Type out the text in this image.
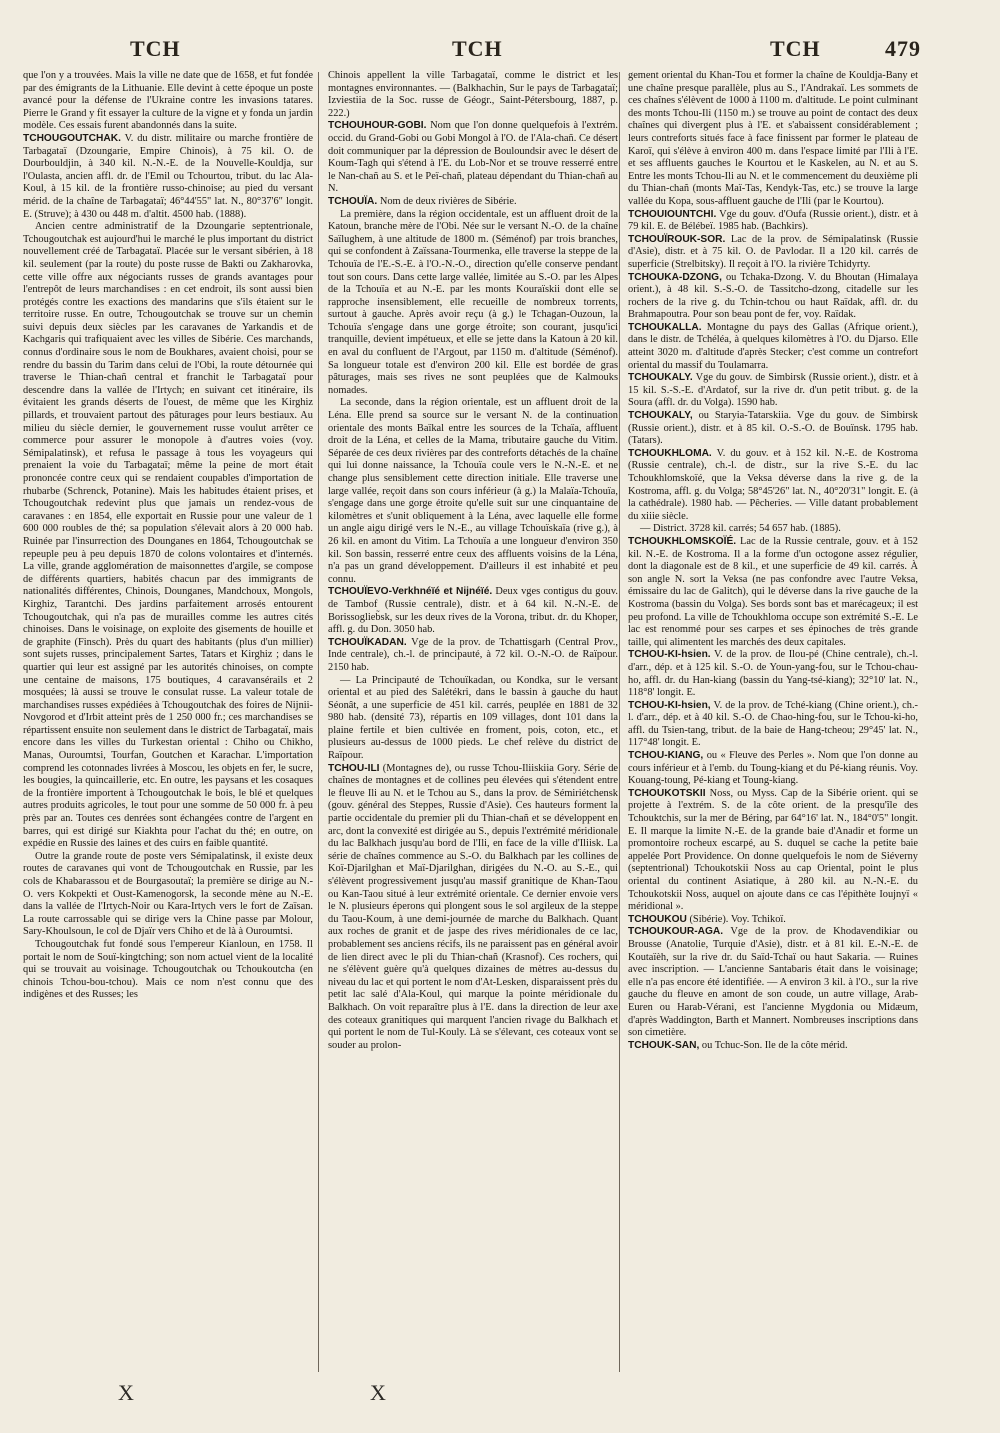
TCH	TCH	TCH	479

que l'on y a trouvées. Mais la ville ne date que de 1658, et fut fondée par des émigrants de la Lithuanie. Elle devint à cette époque un poste avancé pour la défense de l'Ukraine contre les invasions tatares. Pierre le Grand y fit essayer la culture de la vigne et y fonda un jardin modèle. Ces essais furent abandonnés dans la suite.

TCHOUGOUTCHAK. V. du distr. militaire ou marche frontière de Tarbagataï (Dzoungarie, Empire Chinois), à 75 kil. O. de Dourbouldjin, à 340 kil. N.-N.-E. de la Nouvelle-Kouldja, sur l'Oulasta, ancien affl. dr. de l'Emil ou Tchourtou, tribut. du lac Ala-Koul, à 15 kil. de la frontière russo-chinoise; au pied du versant mérid. de la chaîne de Tarbagataï; 46°44'55" lat. N., 80°37'6" longit. E. (Struve); à 430 ou 448 m. d'altit. 4500 hab. (1888).

Ancien centre administratif de la Dzoungarie septentrionale, Tchougoutchak est aujourd'hui le marché le plus important du district nouvellement créé de Tarbagataï. Placée sur le versant sibérien, à 18 kil. seulement (par la route) du poste russe de Bakti ou Zakharovka, cette ville offre aux négociants russes de grands avantages pour l'entrepôt de leurs marchandises : en cet endroit, ils sont aussi bien protégés contre les exactions des mandarins que s'ils étaient sur le territoire russe. En outre, Tchougoutchak se trouve sur un chemin suivi depuis deux siècles par les caravanes de Yarkandis et de Kachgaris qui trafiquaient avec les villes de Sibérie. Ces marchands, connus d'ordinaire sous le nom de Boukhares, avaient choisi, pour se rendre du bassin du Tarim dans celui de l'Obi, la route détournée qui traverse le Thian-chañ central et franchit le Tarbagataï pour descendre dans la vallée de l'Irtych; en suivant cet itinéraire, ils évitaient les grands déserts de l'ouest, de même que les Kirghiz pillards, et trouvaient partout des pâturages pour leurs bestiaux. Au milieu du siècle dernier, le gouvernement russe voulut arrêter ce commerce pour assurer le monopole à d'autres voies (voy. Sémipalatinsk), et refusa le passage à tous les voyageurs qui prenaient la voie du Tarbagataï; même la peine de mort était prononcée contre ceux qui se rendaient coupables d'importation de rhubarbe (Schrenck, Potanine). Mais les habitudes étaient prises, et Tchougoutchak redevint plus que jamais un rendez-vous de caravanes : en 1854, elle exportait en Russie pour une valeur de 1 600 000 roubles de thé; sa population s'élevait alors à 20 000 hab. Ruinée par l'insurrection des Dounganes en 1864, Tchougoutchak se repeuple peu à peu depuis 1870 de colons volontaires et d'internés. La ville, grande agglomération de maisonnettes d'argile, se compose de différents quartiers, habités chacun par des immigrants de nationalités différentes, Chinois, Dounganes, Mandchoux, Mongols, Kirghiz, Tarantchi. Des jardins parfaitement arrosés entourent Tchougoutchak, qui n'a pas de murailles comme les autres cités chinoises. Dans le voisinage, on exploite des gisements de houille et de graphite (Finsch). Près du quart des habitants (plus d'un millier) sont sujets russes, principalement Sartes, Tatars et Kirghiz ; dans le quartier qui leur est assigné par les autorités chinoises, on compte une centaine de maisons, 175 boutiques, 4 caravansérails et 2 mosquées; là aussi se trouve le consulat russe. La valeur totale de marchandises russes expédiées à Tchougoutchak des foires de Nijnii-Novgorod et d'Irbit atteint près de 1 250 000 fr.; ces marchandises se répartissent ensuite non seulement dans le district de Tarbagataï, mais encore dans les villes du Turkestan oriental : Chiho ou Chikho, Manas, Ouroumtsi, Tourfan, Goutchen et Karachar. L'importation comprend les cotonnades livrées à Moscou, les objets en fer, le sucre, les bougies, la quincaillerie, etc. En outre, les paysans et les cosaques de la frontière importent à Tchougoutchak le bois, le blé et quelques autres produits agricoles, le tout pour une somme de 50 000 fr. à peu près par an. Toutes ces denrées sont échangées contre de l'argent en barres, qui est dirigé sur Kiakhta pour l'achat du thé; en outre, on expédie en Russie des laines et des cuirs en faible quantité.

Outre la grande route de poste vers Sémipalatinsk, il existe deux routes de caravanes qui vont de Tchougoutchak en Russie, par les cols de Khabarassou et de Bourgasoutaï; la première se dirige au N.-O. vers Kokpekti et Oust-Kamenogorsk, la seconde mène au N.-E. dans la vallée de l'Irtych-Noir ou Kara-Irtych vers le fort de Zaïsan. La route carrossable qui se dirige vers la Chine passe par Molour, Sary-Khoulsoun, le col de Djaïr vers Chiho et de là à Ouroumtsi.

Tchougoutchak fut fondé sous l'empereur Kianloun, en 1758. Il portait le nom de Souï-kingtching; son nom actuel vient de la localité qui se trouvait au voisinage. Tchougoutchak ou Tchoukoutcha (en chinois Tchou-bou-tchou). Mais ce nom n'est connu que des indigènes et des Russes; les

Chinois appellent la ville Tarbagataï, comme le district et les montagnes environnantes. — (Balkhachin, Sur le pays de Tarbagataï; Izviestiia de la Soc. russe de Géogr., Saint-Pétersbourg, 1887, p. 222.)

TCHOUHOUR-GOBI. Nom que l'on donne quelquefois à l'extrém. occid. du Grand-Gobi ou Gobi Mongol à l'O. de l'Ala-chañ. Ce désert doit communiquer par la dépression de Bouloundsir avec le désert de Koum-Tagh qui s'étend à l'E. du Lob-Nor et se trouve resserré entre le Nan-chañ au S. et le Peï-chañ, plateau dépendant du Thian-chañ au N.

TCHOUÏA. Nom de deux rivières de Sibérie.

La première, dans la région occidentale, est un affluent droit de la Katoun, branche mère de l'Obi. Née sur le versant N.-O. de la chaîne Saïlughem, à une altitude de 1800 m. (Séménof) par trois branches, qui se confondent à Zaïssana-Tourmenka, elle traverse la steppe de la Tchouïa de l'E.-S.-E. à l'O.-N.-O., direction qu'elle conserve pendant tout son cours. Dans cette large vallée, limitée au S.-O. par les Alpes de la Tchouïa et au N.-E. par les monts Kouraïskii dont elle se rapproche insensiblement, elle recueille de nombreux torrents, surtout à gauche. Après avoir reçu (à g.) le Tchagan-Ouzoun, la Tchouïa s'engage dans une gorge étroite; son courant, jusqu'ici tranquille, devient impétueux, et elle se jette dans la Katoun à 20 kil. en aval du confluent de l'Argout, par 1150 m. d'altitude (Séménof). Sa longueur totale est d'environ 200 kil. Elle est bordée de gras pâturages, mais ses rives ne sont peuplées que de Kalmouks nomades.

La seconde, dans la région orientale, est un affluent droit de la Léna. Elle prend sa source sur le versant N. de la continuation orientale des monts Baïkal entre les sources de la Tchaïa, affluent droit de la Léna, et celles de la Mama, tributaire gauche du Vitim. Séparée de ces deux rivières par des contreforts détachés de la chaîne qui lui donne naissance, la Tchouïa coule vers le N.-N.-E. et ne change plus sensiblement cette direction initiale. Elle traverse une large vallée, reçoit dans son cours inférieur (à g.) la Malaïa-Tchouïa, s'engage dans une gorge étroite qu'elle suit sur une cinquantaine de kilomètres et s'unit obliquement à la Léna, avec laquelle elle forme un angle aigu dirigé vers le N.-E., au village Tchouïskaïa (rive g.), à 26 kil. en amont du Vitim. La Tchouïa a une longueur d'environ 350 kil. Son bassin, resserré entre ceux des affluents voisins de la Léna, n'a pas un grand développement. D'ailleurs il est inhabité et peu connu.

TCHOUÏEVO-Verkhnéïé et Nijnéïé. Deux vges contigus du gouv. de Tambof (Russie centrale), distr. et à 64 kil. N.-N.-E. de Borissoglieb̃sk, sur les deux rives de la Vorona, tribut. dr. du Khoper, affl. g. du Don. 3050 hab.

TCHOUÏKADAN. Vge de la prov. de Tchattisgarh (Central Prov., Inde centrale), ch.-l. de principauté, à 72 kil. O.-N.-O. de Raïpour. 2150 hab.

— La Principauté de Tchouïkadan, ou Kondka, sur le versant oriental et au pied des Salétékri, dans le bassin à gauche du haut Séonât, a une superficie de 451 kil. carrés, peuplée en 1881 de 32 980 hab. (densité 73), répartis en 109 villages, dont 101 dans la plaine fertile et bien cultivée en froment, pois, coton, etc., et plusieurs au-dessus de 1000 pieds. Le chef relève du district de Raïpour.

TCHOU-ILI (Montagnes de), ou russe Tchou-Iliiskiia Gory. Série de chaînes de montagnes et de collines peu élevées qui s'étendent entre le fleuve Ili au N. et le Tchou au S., dans la prov. de Sémiriétchensk (gouv. général des Steppes, Russie d'Asie). Ces hauteurs forment la partie occidentale du premier pli du Thian-chañ et se développent en arc, dont la convexité est dirigée au S., depuis l'extrémité méridionale du lac Balkhach jusqu'au bord de l'Ili, en face de la ville d'Iliisk. La série de chaînes commence au S.-O. du Balkhach par les collines de Koï-Djarilghan et Maï-Djarilghan, dirigées du N.-O. au S.-E., qui s'élèvent progressivement jusqu'au massif granitique de Khan-Taou ou Kan-Taou situé à leur extrémité orientale. Ce dernier envoie vers le N. plusieurs éperons qui plongent sous le sol argileux de la steppe du Taou-Koum, à une demi-journée de marche du Balkhach. Quant aux roches de granit et de jaspe des rives méridionales de ce lac, probablement ses anciens récifs, ils ne paraissent pas en général avoir de lien direct avec le pli du Thian-chañ (Krasnof). Ces rochers, qui ne s'élèvent guère qu'à quelques dizaines de mètres au-dessus du niveau du lac et qui portent le nom d'At-Lesken, disparaissent près du petit lac salé d'Ala-Koul, qui marque la pointe méridionale du Balkhach. On voit reparaître plus à l'E. dans la direction de leur axe des coteaux granitiques qui marquent l'ancien rivage du Balkhach et qui portent le nom de Tul-Kouly. Là se s'élevant, ces coteaux vont se souder au prolon-

gement oriental du Khan-Tou et former la chaîne de Kouldja-Bany et une chaîne presque parallèle, plus au S., l'Andrakaï. Les sommets de ces chaînes s'élèvent de 1000 à 1100 m. d'altitude. Le point culminant des monts Tchou-Ili (1150 m.) se trouve au point de contact des deux chaînes qui divergent plus à l'E. et s'abaissent considérablement ; leurs contreforts situés face à face finissent par former le plateau de Karoï, qui s'élève à environ 400 m. dans l'espace limité par l'Ili à l'E. et ses affluents gauches le Kourtou et le Kaskelen, au N. et au S. Entre les monts Tchou-Ili au N. et le commencement du deuxième pli du Thian-chañ (monts Maï-Tas, Kendyk-Tas, etc.) se trouve la large vallée du Kopa, sous-affluent gauche de l'Ili (par le Kourtou).

TCHOUIOUNTCHI. Vge du gouv. d'Oufa (Russie orient.), distr. et à 79 kil. E. de Bélébeï. 1985 hab. (Bachkirs).

TCHOUÏROUK-SOR. Lac de la prov. de Sémipalatinsk (Russie d'Asie), distr. et à 75 kil. O. de Pavlodar. Il a 120 kil. carrés de superficie (Strelbitsky). Il reçoit à l'O. la rivière Tchidyrty.

TCHOUKA-DZONG, ou Tchaka-Dzong. V. du Bhoutan (Himalaya orient.), à 48 kil. S.-S.-O. de Tassitcho-dzong, citadelle sur les rochers de la rive g. du Tchin-tchou ou haut Raïdak, affl. dr. du Brahmapoutra. Pour son beau pont de fer, voy. Raïdak.

TCHOUKALLA. Montagne du pays des Gallas (Afrique orient.), dans le distr. de Tchéléa, à quelques kilomètres à l'O. du Djarso. Elle atteint 3020 m. d'altitude d'après Stecker; c'est comme un contrefort oriental du massif du Toulamarra.

TCHOUKALY. Vge du gouv. de Simbirsk (Russie orient.), distr. et à 15 kil. S.-S.-E. d'Ardatof, sur la rive dr. d'un petit tribut. g. de la Soura (affl. dr. du Volga). 1590 hab.

TCHOUKALY, ou Staryia-Tatarskiia. Vge du gouv. de Simbirsk (Russie orient.), distr. et à 85 kil. O.-S.-O. de Bouïnsk. 1795 hab. (Tatars).

TCHOUKHLOMA. V. du gouv. et à 152 kil. N.-E. de Kostroma (Russie centrale), ch.-l. de distr., sur la rive S.-E. du lac Tchoukhlomskoïé, que la Veksa déverse dans la rive g. de la Kostroma, affl. g. du Volga; 58°45'26" lat. N., 40°20'31" longit. E. (à la cathédrale). 1980 hab. — Pêcheries. — Ville datant probablement du xiiie siècle.

— District. 3728 kil. carrés; 54 657 hab. (1885).

TCHOUKHLOMSKOÏÉ. Lac de la Russie centrale, gouv. et à 152 kil. N.-E. de Kostroma. Il a la forme d'un octogone assez régulier, dont la diagonale est de 8 kil., et une superficie de 49 kil. carrés. À son angle N. sort la Veksa (ne pas confondre avec l'autre Veksa, émissaire du lac de Galitch), qui le déverse dans la rive gauche de la Kostroma (bassin du Volga). Ses bords sont bas et marécageux; il est peu profond. La ville de Tchoukhloma occupe son extrémité S.-E. Le lac est renommé pour ses carpes et ses épinoches de très grande taille, qui alimentent les marchés des deux capitales.

TCHOU-KI-hsien. V. de la prov. de Ilou-pé (Chine centrale), ch.-l. d'arr., dép. et à 125 kil. S.-O. de Youn-yang-fou, sur le Tchou-chau-ho, affl. dr. du Han-kiang (bassin du Yang-tsé-kiang); 32°10' lat. N., 118°8' longit. E.

TCHOU-KI-hsien, V. de la prov. de Tché-kiang (Chine orient.), ch.-l. d'arr., dép. et à 40 kil. S.-O. de Chao-hing-fou, sur le Tchou-ki-ho, affl. du Tsien-tang, tribut. de la baie de Hang-tcheou; 29°45' lat. N., 117°48' longit. E.

TCHOU-KIANG, ou « Fleuve des Perles ». Nom que l'on donne au cours inférieur et à l'emb. du Toung-kiang et du Pé-kiang réunis. Voy. Kouang-toung, Pé-kiang et Toung-kiang.

TCHOUKOTSKII Noss, ou Myss. Cap de la Sibérie orient. qui se projette à l'extrém. S. de la côte orient. de la presqu'île des Tchouktchis, sur la mer de Béring, par 64°16' lat. N., 184°0'5" longit. E. Il marque la limite N.-E. de la grande baie d'Anadir et forme un promontoire rocheux escarpé, au S. duquel se cache la petite baie appelée Port Providence. On donne quelquefois le nom de Siéverny (septentrional) Tchoukotskii Noss au cap Oriental, point le plus oriental du continent Asiatique, à 280 kil. au N.-N.-E. du Tchoukotskii Noss, auquel on ajoute dans ce cas l'épithète Ioujnyï « méridional ».

TCHOUKOU (Sibérie). Voy. Tchikoï.

TCHOUKOUR-AGA. Vge de la prov. de Khodavendikiar ou Brousse (Anatolie, Turquie d'Asie), distr. et à 81 kil. E.-N.-E. de Koutaïèh, sur la rive dr. du Saïd-Tchaï ou haut Sakaria. — Ruines avec inscription. — L'ancienne Santabaris était dans le voisinage; elle n'a pas encore été identifiée. — A environ 3 kil. à l'O., sur la rive gauche du fleuve en amont de son coude, un autre village, Arab-Euren ou Harab-Vérani, est l'ancienne Mygdonia ou Midæum, d'après Waddington, Barth et Mannert. Nombreuses inscriptions dans son cimetière.

TCHOUK-SAN, ou Tchuc-Son. Ile de la côte mérid.

X	X
